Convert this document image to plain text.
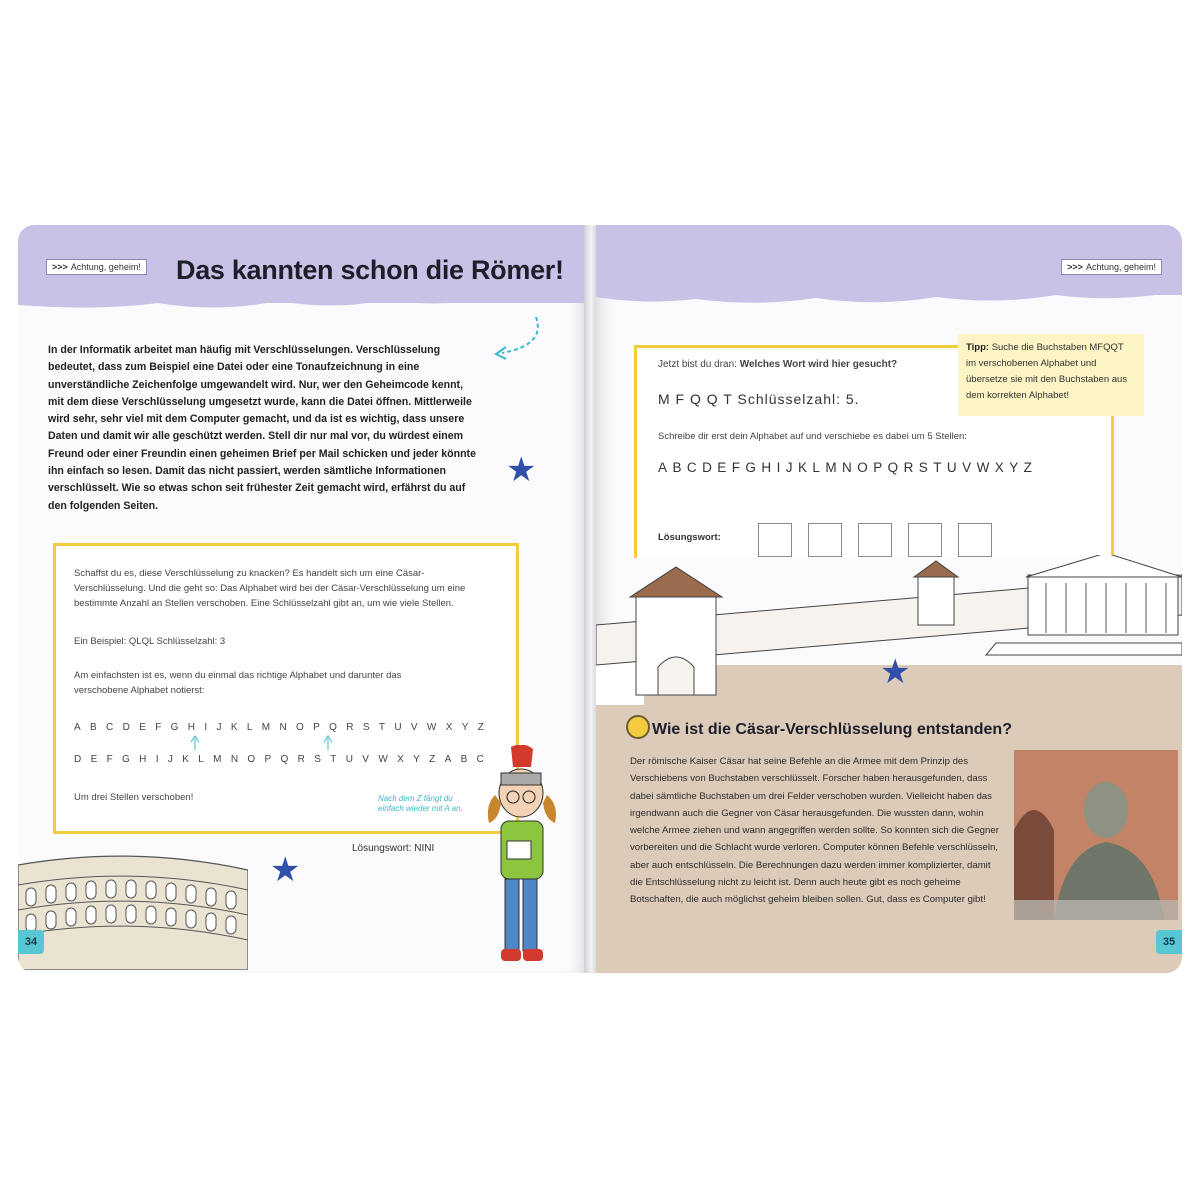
>>> Achtung, geheim! Das kannten schon die Römer!
In der Informatik arbeitet man häufig mit Verschlüsselungen. Verschlüsselung bedeutet, dass zum Beispiel eine Datei oder eine Tonaufzeichnung in eine unverständliche Zeichenfolge umgewandelt wird. Nur, wer den Geheimcode kennt, mit dem diese Verschlüsselung umgesetzt wurde, kann die Datei öffnen. Mittlerweile wird sehr, sehr viel mit dem Computer gemacht, und da ist es wichtig, dass unsere Daten und damit wir alle geschützt werden. Stell dir nur mal vor, du würdest einem Freund oder einer Freundin einen geheimen Brief per Mail schicken und jeder könnte ihn einfach so lesen. Damit das nicht passiert, werden sämtliche Informationen verschlüsselt. Wie so etwas schon seit frühester Zeit gemacht wird, erfährst du auf den folgenden Seiten.
★
Schaffst du es, diese Verschlüsselung zu knacken? Es handelt sich um eine Cäsar-Verschlüsselung. Und die geht so: Das Alphabet wird bei der Cäsar-Verschlüsselung um eine bestimmte Anzahl an Stellen verschoben. Eine Schlüsselzahl gibt an, um wie viele Stellen.
Ein Beispiel: QLQL Schlüsselzahl: 3
Am einfachsten ist es, wenn du einmal das richtige Alphabet und darunter das verschobene Alphabet notierst:
A B C D E F G H I J K L M N O P Q R S T U V W X Y Z
D E F G H I J K L M N O P Q R S T U V W X Y Z A B C
Um drei Stellen verschoben!	Nach dem Z fängt du einfach wieder mit A an.
Lösungswort: NINI
★
34
>>> Achtung, geheim!
Jetzt bist du dran: Welches Wort wird hier gesucht?
Tipp: Suche die Buchstaben MFQQT im verschobenen Alphabet und übersetze sie mit den Buchstaben aus dem korrekten Alphabet!
M F Q Q T Schlüsselzahl: 5.
Schreibe dir erst dein Alphabet auf und verschiebe es dabei um 5 Stellen:
A B C D E F G H I J K L M N O P Q R S T U V W X Y Z
Lösungswort:
★
Wie ist die Cäsar-Verschlüsselung entstanden?
Der römische Kaiser Cäsar hat seine Befehle an die Armee mit dem Prinzip des Verschiebens von Buchstaben verschlüsselt. Forscher haben herausgefunden, dass dabei sämtliche Buchstaben um drei Felder verschoben wurden. Vielleicht haben das irgendwann auch die Gegner von Cäsar herausgefunden. Die wussten dann, wohin welche Armee ziehen und wann angegriffen werden sollte. So konnten sich die Gegner vorbereiten und die Schlacht wurde verloren. Computer können Befehle verschlüsseln, aber auch entschlüsseln. Die Berechnungen dazu werden immer komplizierter, damit die Entschlüsselung nicht zu leicht ist. Denn auch heute gibt es noch geheime Botschaften, die auch möglichst geheim bleiben sollen. Gut, dass es Computer gibt!
35
